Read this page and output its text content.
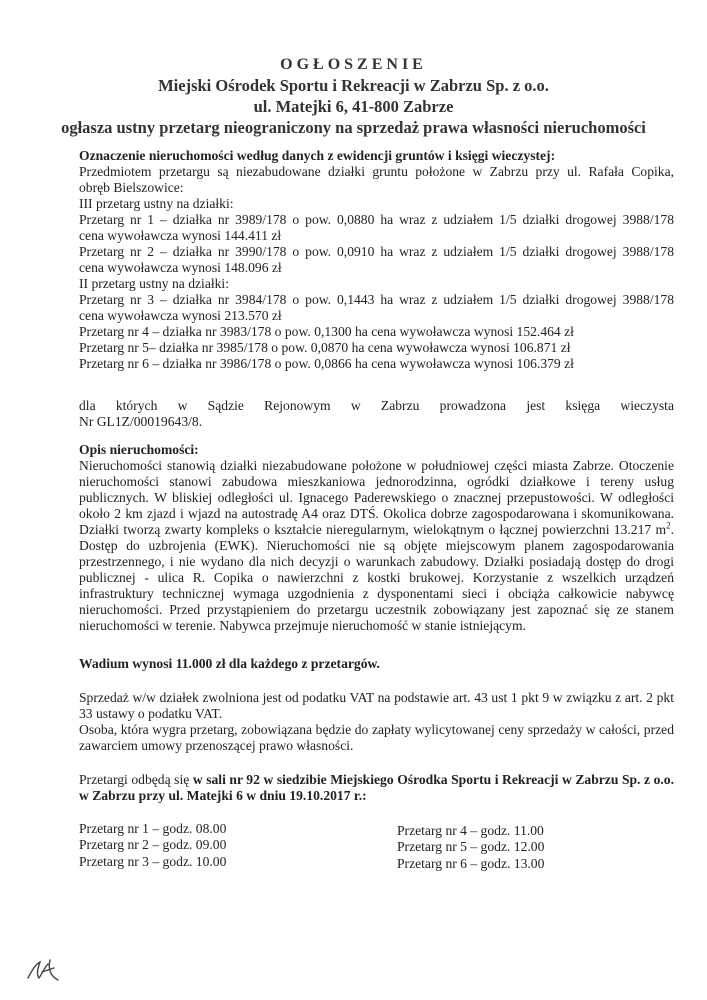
OGŁOSZENIE
Miejski Ośrodek Sportu i Rekreacji w Zabrzu Sp. z o.o.
ul. Matejki 6, 41-800 Zabrze
ogłasza ustny przetarg nieograniczony na sprzedaż prawa własności nieruchomości

Oznaczenie nieruchomości według danych z ewidencji gruntów i księgi wieczystej:

Przedmiotem przetargu są niezabudowane działki gruntu położone w Zabrzu przy ul. Rafała Copika,

obręb Bielszowice:

III przetarg ustny na działki:

Przetarg nr 1 – działka nr 3989/178 o pow. 0,0880 ha wraz z udziałem 1/5 działki drogowej 3988/178

cena wywoławcza wynosi 144.411 zł

Przetarg nr 2 – działka nr 3990/178 o pow. 0,0910 ha wraz z udziałem 1/5 działki drogowej 3988/178

cena wywoławcza wynosi 148.096 zł

II przetarg ustny na działki:

Przetarg nr 3 – działka nr 3984/178 o pow. 0,1443 ha wraz z udziałem 1/5 działki drogowej 3988/178

cena wywoławcza wynosi 213.570 zł

Przetarg nr 4 – działka nr 3983/178 o pow. 0,1300 ha cena wywoławcza wynosi 152.464 zł

Przetarg nr 5– działka nr 3985/178 o pow. 0,0870 ha cena wywoławcza wynosi 106.871 zł

Przetarg nr 6 – działka nr 3986/178 o pow. 0,0866 ha cena wywoławcza wynosi 106.379 zł

dla których w Sądzie Rejonowym w Zabrzu prowadzona jest księga wieczysta

Nr GL1Z/00019643/8.

Opis nieruchomości:

Nieruchomości stanowią działki niezabudowane położone w południowej części miasta Zabrze. Otoczenie nieruchomości stanowi zabudowa mieszkaniowa jednorodzinna, ogródki działkowe i tereny usług publicznych. W bliskiej odległości ul. Ignacego Paderewskiego o znacznej przepustowości. W odległości około 2 km zjazd i wjazd na autostradę A4 oraz DTŚ. Okolica dobrze zagospodarowana i skomunikowana. Działki tworzą zwarty kompleks o kształcie nieregularnym, wielokątnym o łącznej powierzchni 13.217 $m^2$. Dostęp do uzbrojenia (EWK). Nieruchomości nie są objęte miejscowym planem zagospodarowania przestrzennego, i nie wydano dla nich decyzji o warunkach zabudowy. Działki posiadają dostęp do drogi publicznej - ulica R. Copika o nawierzchni z kostki brukowej. Korzystanie z wszelkich urządzeń infrastruktury technicznej wymaga uzgodnienia z dysponentami sieci i obciąża całkowicie nabywcę nieruchomości. Przed przystąpieniem do przetargu uczestnik zobowiązany jest zapoznać się ze stanem nieruchomości w terenie. Nabywca przejmuje nieruchomość w stanie istniejącym.

Wadium wynosi 11.000 zł dla każdego z przetargów.

Sprzedaż w/w działek zwolniona jest od podatku VAT na podstawie art. 43 ust 1 pkt 9 w związku z art. 2 pkt 33 ustawy o podatku VAT.

Osoba, która wygra przetarg, zobowiązana będzie do zapłaty wylicytowanej ceny sprzedaży w całości, przed zawarciem umowy przenoszącej prawo własności.

Przetargi odbędą się w sali nr 92 w siedzibie Miejskiego Ośrodka Sportu i Rekreacji w Zabrzu Sp. z o.o. w Zabrzu przy ul. Matejki 6 w dniu 19.10.2017 r.:

Przetarg nr 1 – godz. 08.00

Przetarg nr 2 – godz. 09.00

Przetarg nr 3 – godz. 10.00

Przetarg nr 4 – godz. 11.00

Przetarg nr 5 – godz. 12.00

Przetarg nr 6 – godz. 13.00
